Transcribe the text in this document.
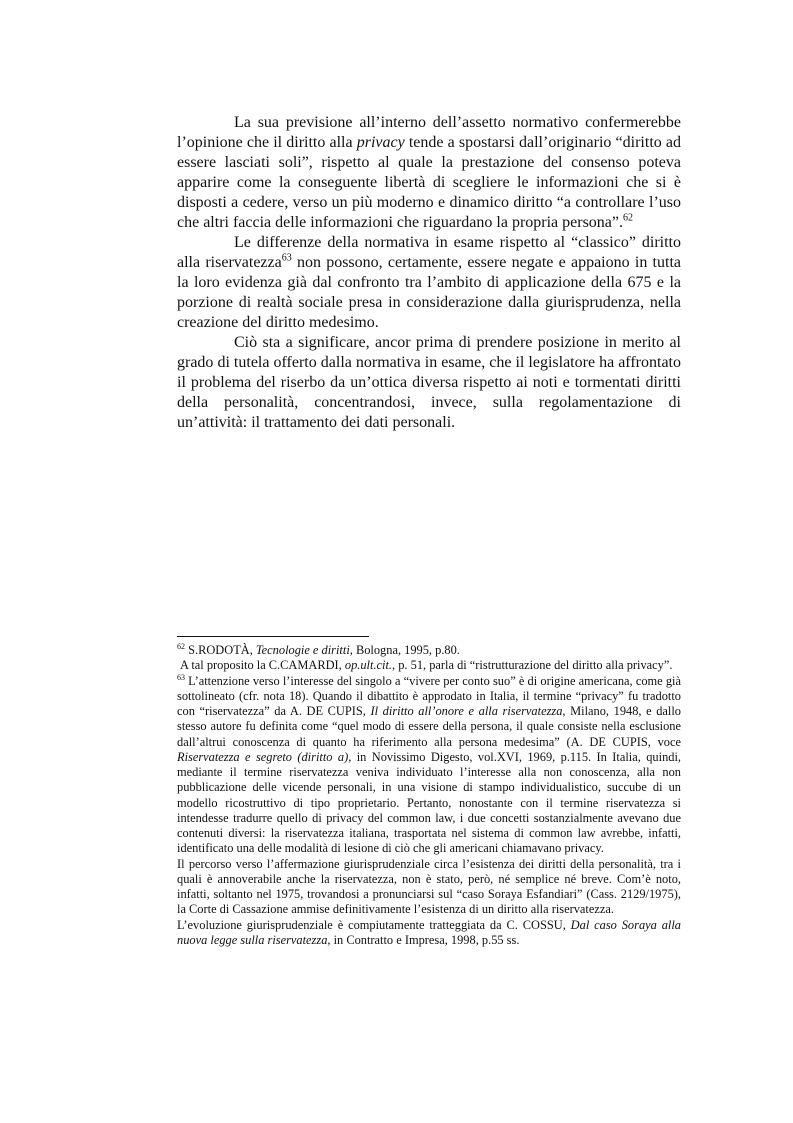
La sua previsione all’interno dell’assetto normativo confermerebbe l’opinione che il diritto alla privacy tende a spostarsi dall’originario “diritto ad essere lasciati soli”, rispetto al quale la prestazione del consenso poteva apparire come la conseguente libertà di scegliere le informazioni che si è disposti a cedere, verso un più moderno e dinamico diritto “a controllare l’uso che altri faccia delle informazioni che riguardano la propria persona”.$^{62}$

Le differenze della normativa in esame rispetto al “classico” diritto alla riservatezza$^{63}$ non possono, certamente, essere negate e appaiono in tutta la loro evidenza già dal confronto tra l’ambito di applicazione della 675 e la porzione di realtà sociale presa in considerazione dalla giurisprudenza, nella creazione del diritto medesimo.

Ciò sta a significare, ancor prima di prendere posizione in merito al grado di tutela offerto dalla normativa in esame, che il legislatore ha affrontato il problema del riserbo da un’ottica diversa rispetto ai noti e tormentati diritti della personalità, concentrandosi, invece, sulla regolamentazione di un’attività: il trattamento dei dati personali.

$^{62}$ S.RODOTÀ, Tecnologie e diritti, Bologna, 1995, p.80.

A tal proposito la C.CAMARDI, op.ult.cit., p. 51, parla di “ristrutturazione del diritto alla privacy”.

$^{63}$ L’attenzione verso l’interesse del singolo a “vivere per conto suo” è di origine americana, come già sottolineato (cfr. nota 18). Quando il dibattito è approdato in Italia, il termine “privacy” fu tradotto con “riservatezza” da A. DE CUPIS, Il diritto all’onore e alla riservatezza, Milano, 1948, e dallo stesso autore fu definita come “quel modo di essere della persona, il quale consiste nella esclusione dall’altrui conoscenza di quanto ha riferimento alla persona medesima” (A. DE CUPIS, voce Riservatezza e segreto (diritto a), in Novissimo Digesto, vol.XVI, 1969, p.115. In Italia, quindi, mediante il termine riservatezza veniva individuato l’interesse alla non conoscenza, alla non pubblicazione delle vicende personali, in una visione di stampo individualistico, succube di un modello ricostruttivo di tipo proprietario. Pertanto, nonostante con il termine riservatezza si intendesse tradurre quello di privacy del common law, i due concetti sostanzialmente avevano due contenuti diversi: la riservatezza italiana, trasportata nel sistema di common law avrebbe, infatti, identificato una delle modalità di lesione di ciò che gli americani chiamavano privacy.

Il percorso verso l’affermazione giurisprudenziale circa l’esistenza dei diritti della personalità, tra i quali è annoverabile anche la riservatezza, non è stato, però, né semplice né breve. Com’è noto, infatti, soltanto nel 1975, trovandosi a pronunciarsi sul “caso Soraya Esfandiari” (Cass. 2129/1975), la Corte di Cassazione ammise definitivamente l’esistenza di un diritto alla riservatezza.

L’evoluzione giurisprudenziale è compiutamente tratteggiata da C. COSSU, Dal caso Soraya alla nuova legge sulla riservatezza, in Contratto e Impresa, 1998, p.55 ss.
